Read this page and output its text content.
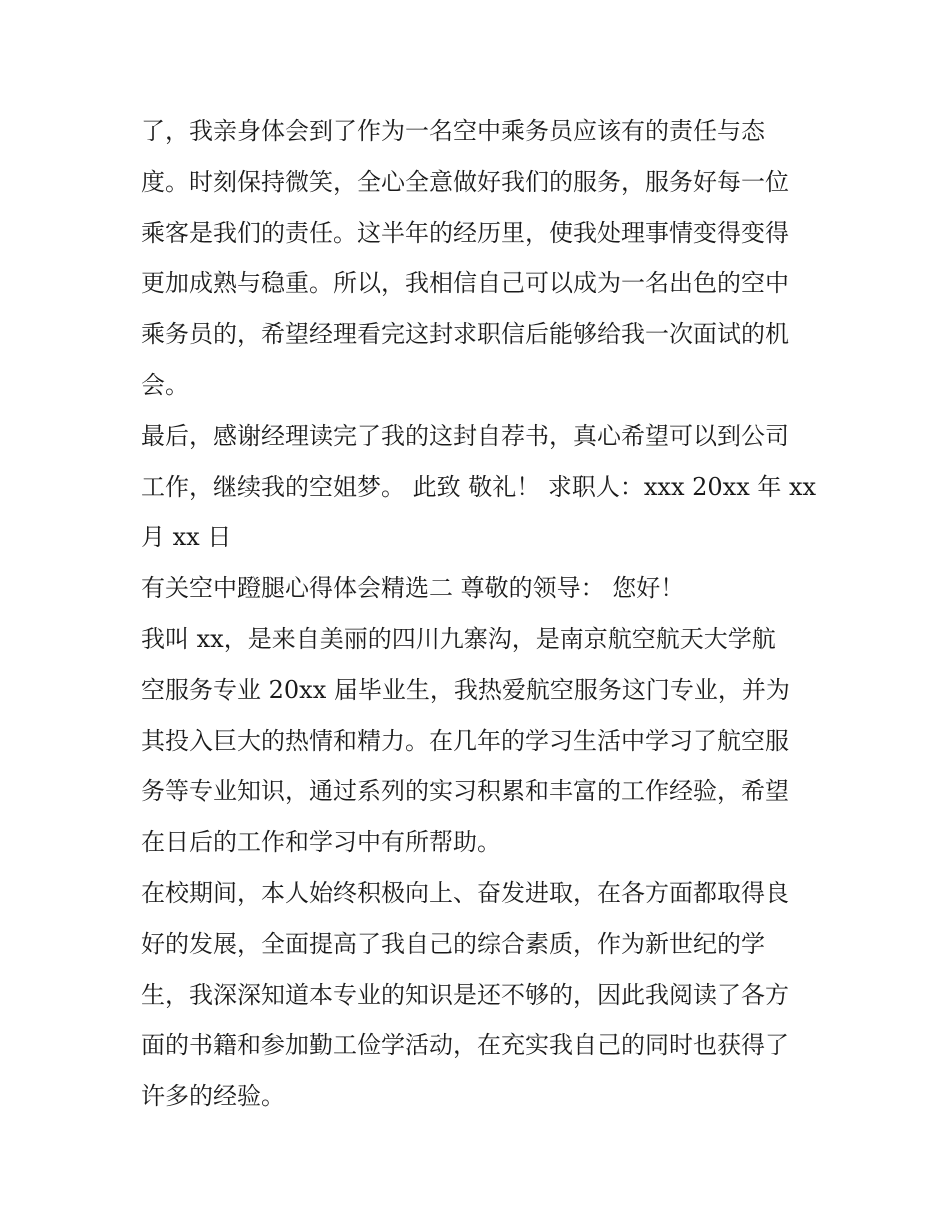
了，我亲身体会到了作为一名空中乘务员应该有的责任与态
度。时刻保持微笑，全心全意做好我们的服务，服务好每一位
乘客是我们的责任。这半年的经历里，使我处理事情变得变得
更加成熟与稳重。所以，我相信自己可以成为一名出色的空中
乘务员的，希望经理看完这封求职信后能够给我一次面试的机
会。
最后，感谢经理读完了我的这封自荐书，真心希望可以到公司
工作，继续我的空姐梦。 此致 敬礼！ 求职人：xxx 20xx 年 xx
月 xx 日
有关空中蹬腿心得体会精选二 尊敬的领导： 您好！
我叫 xx，是来自美丽的四川九寨沟，是南京航空航天大学航
空服务专业 20xx 届毕业生，我热爱航空服务这门专业，并为
其投入巨大的热情和精力。在几年的学习生活中学习了航空服
务等专业知识，通过系列的实习积累和丰富的工作经验，希望
在日后的工作和学习中有所帮助。
在校期间，本人始终积极向上、奋发进取，在各方面都取得良
好的发展，全面提高了我自己的综合素质，作为新世纪的学
生，我深深知道本专业的知识是还不够的，因此我阅读了各方
面的书籍和参加勤工俭学活动，在充实我自己的同时也获得了
许多的经验。
